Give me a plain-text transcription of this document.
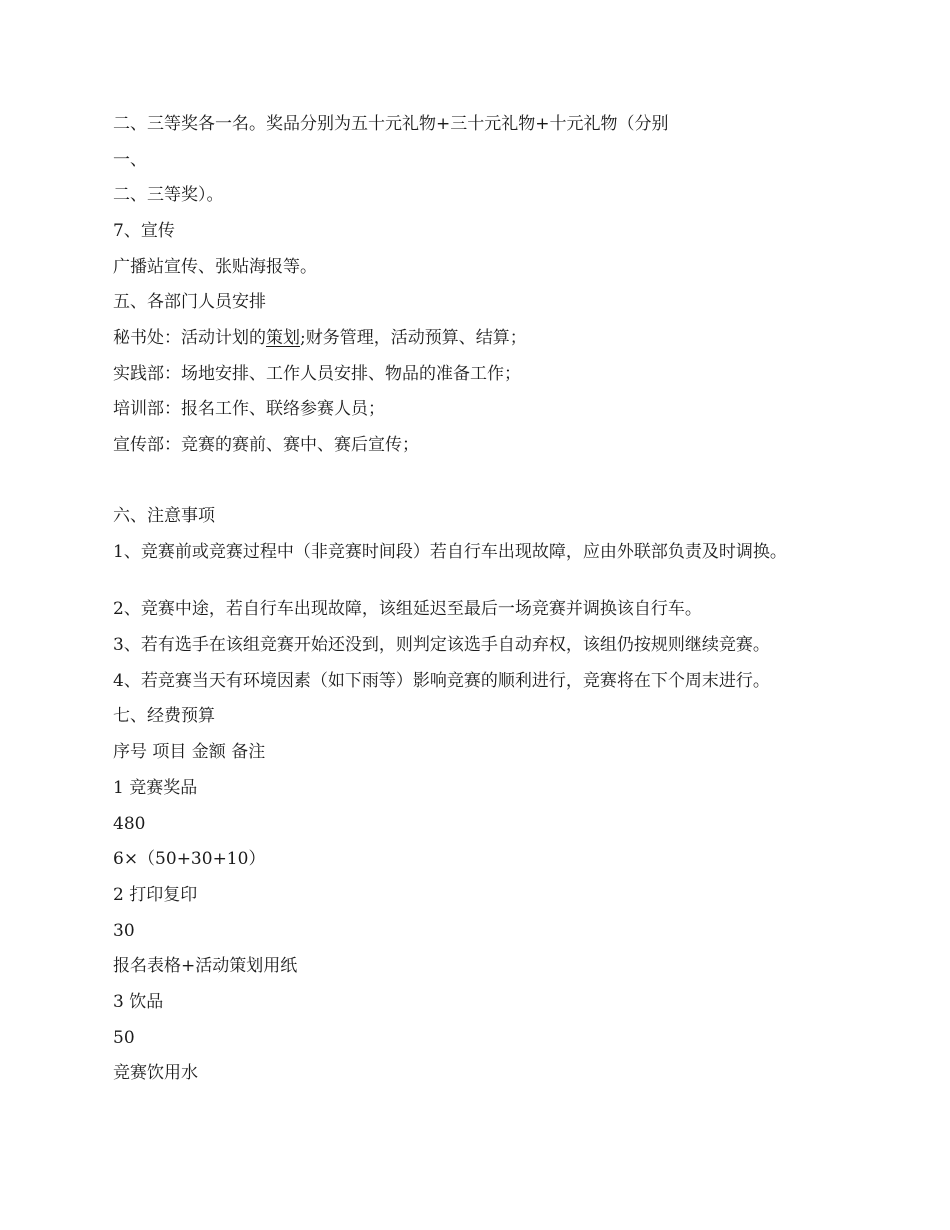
二、三等奖各一名。奖品分别为五十元礼物+三十元礼物+十元礼物（分别
一、
二、三等奖）。
7、宣传
广播站宣传、张贴海报等。
五、各部门人员安排
秘书处：活动计划的策划;财务管理，活动预算、结算；
实践部：场地安排、工作人员安排、物品的准备工作；
培训部：报名工作、联络参赛人员；
宣传部：竞赛的赛前、赛中、赛后宣传；
六、注意事项
1、竞赛前或竞赛过程中（非竞赛时间段）若自行车出现故障，应由外联部负责及时调换。
2、竞赛中途，若自行车出现故障，该组延迟至最后一场竞赛并调换该自行车。
3、若有选手在该组竞赛开始还没到，则判定该选手自动弃权，该组仍按规则继续竞赛。
4、若竞赛当天有环境因素（如下雨等）影响竞赛的顺利进行，竞赛将在下个周末进行。
七、经费预算
序号 项目 金额 备注
1 竞赛奖品
480
6×（50+30+10）
2 打印复印
30
报名表格+活动策划用纸
3 饮品
50
竞赛饮用水
